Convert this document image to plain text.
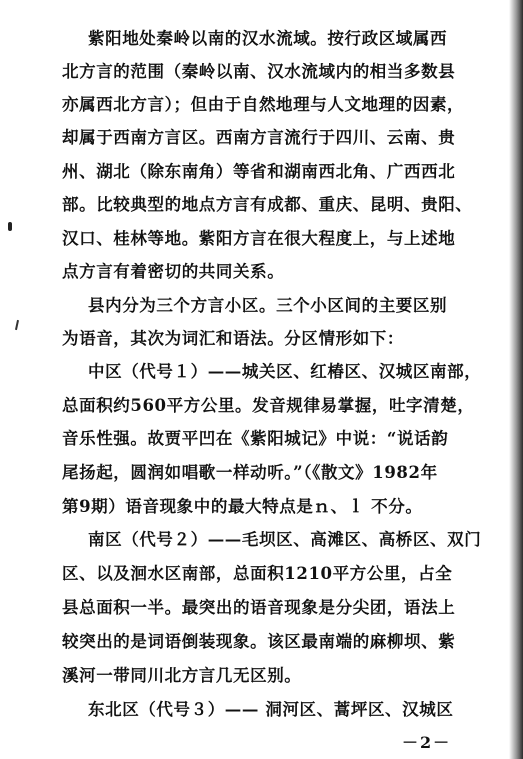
紫阳地处秦岭以南的汉水流域。按行政区域属西
北方言的范围（秦岭以南、汉水流域内的相当多数县
亦属西北方言）；但由于自然地理与人文地理的因素，
却属于西南方言区。西南方言流行于四川、云南、贵
州、湖北（除东南角）等省和湖南西北角、广西西北
部。比较典型的地点方言有成都、重庆、昆明、贵阳、
汉口、桂林等地。紫阳方言在很大程度上，与上述地
点方言有着密切的共同关系。
县内分为三个方言小区。三个小区间的主要区别
为语音，其次为词汇和语法。分区情形如下：
中区（代号１）——城关区、红椿区、汉城区南部，
总面积约560平方公里。发音规律易掌握，吐字清楚，
音乐性强。故贾平凹在《紫阳城记》中说：“说话韵
尾扬起，圆润如唱歌一样动听。”（《散文》1982年
第9期）语音现象中的最大特点是ｎ、ｌ 不分。
南区（代号２）——毛坝区、高滩区、高桥区、双门
区、以及洄水区南部，总面积1210平方公里，占全
县总面积一半。最突出的语音现象是分尖团，语法上
较突出的是词语倒装现象。该区最南端的麻柳坝、紫
溪河一带同川北方言几无区别。
东北区（代号３）—— 洞河区、蒿坪区、汉城区
－2－
